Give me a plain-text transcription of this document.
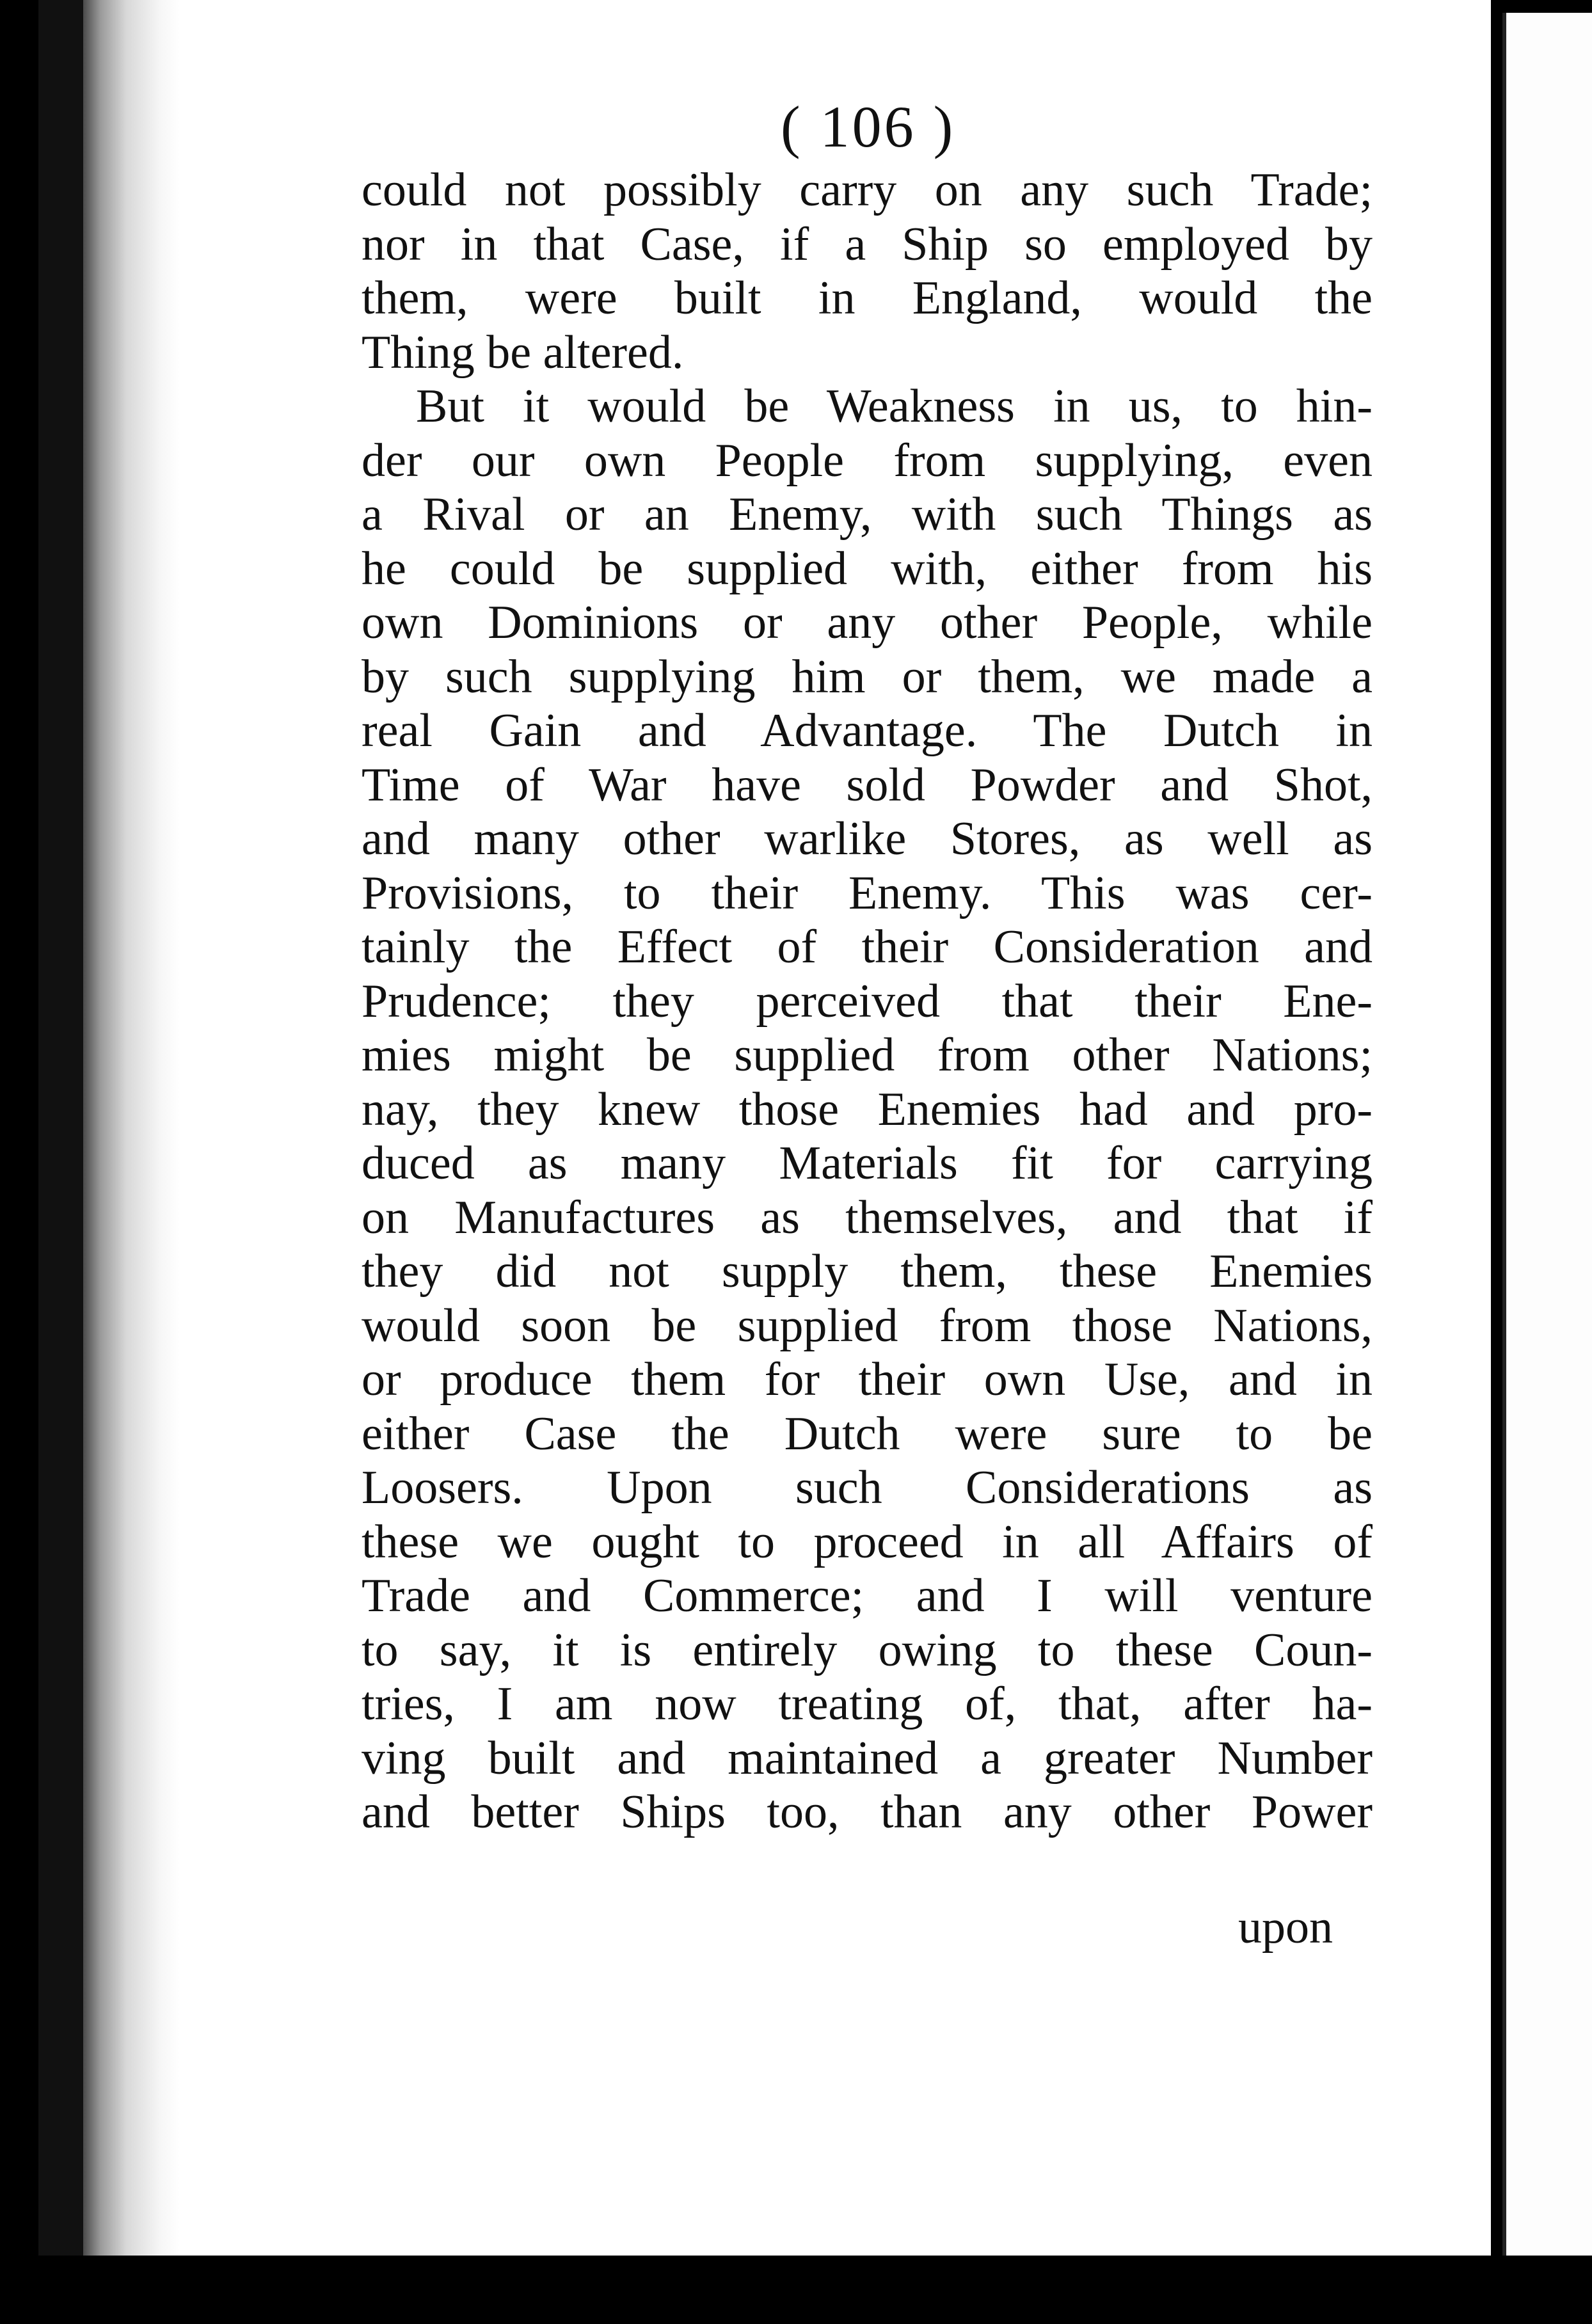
( 106 )
could not possibly carry on any such Trade;
nor in that Case, if a Ship so employed by
them, were built in England, would the
Thing be altered.
But it would be Weakness in us, to hin-
der our own People from supplying, even
a Rival or an Enemy, with such Things as
he could be supplied with, either from his
own Dominions or any other People, while
by such supplying him or them, we made a
real Gain and Advantage. The Dutch in
Time of War have sold Powder and Shot,
and many other warlike Stores, as well as
Provisions, to their Enemy. This was cer-
tainly the Effect of their Consideration and
Prudence; they perceived that their Ene-
mies might be supplied from other Nations;
nay, they knew those Enemies had and pro-
duced as many Materials fit for carrying
on Manufactures as themselves, and that if
they did not supply them, these Enemies
would soon be supplied from those Nations,
or produce them for their own Use, and in
either Case the Dutch were sure to be
Loosers. Upon such Considerations as
these we ought to proceed in all Affairs of
Trade and Commerce; and I will venture
to say, it is entirely owing to these Coun-
tries, I am now treating of, that, after ha-
ving built and maintained a greater Number
and better Ships too, than any other Power
upon
